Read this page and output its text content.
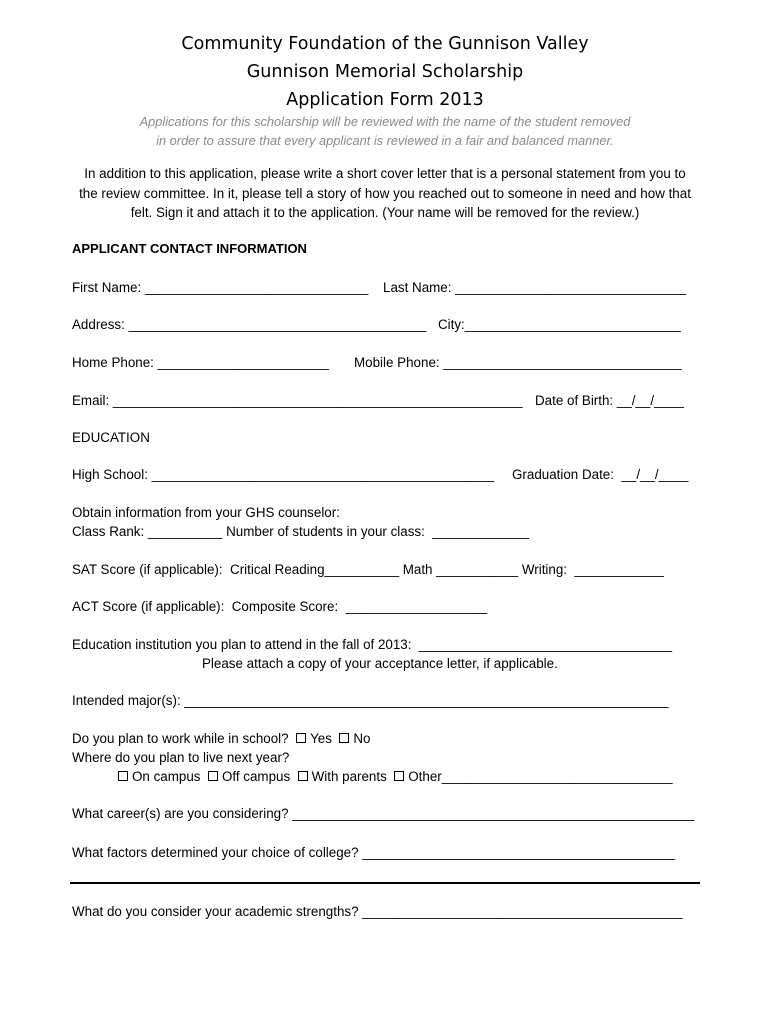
Community Foundation of the Gunnison Valley
Gunnison Memorial Scholarship
Application Form 2013
Applications for this scholarship will be reviewed with the name of the student removed
in order to assure that every applicant is reviewed in a fair and balanced manner.
In addition to this application, please write a short cover letter that is a personal statement from you to
the review committee. In it, please tell a story of how you reached out to someone in need and how that
felt. Sign it and attach it to the application. (Your name will be removed for the review.)
APPLICANT CONTACT INFORMATION
First Name: ______________________________ Last Name: _______________________________
Address: ________________________________________ City:_____________________________
Home Phone: _______________________ Mobile Phone: ________________________________
Email: _______________________________________________________ Date of Birth: __/__/____
EDUCATION
High School: ______________________________________________ Graduation Date:  __/__/____
Obtain information from your GHS counselor:
Class Rank: __________ Number of students in your class:  _____________
SAT Score (if applicable):  Critical Reading__________ Math ___________ Writing:  ____________
ACT Score (if applicable):  Composite Score:  ___________________
Education institution you plan to attend in the fall of 2013:  __________________________________
Please attach a copy of your acceptance letter, if applicable.
Intended major(s): _________________________________________________________________
Do you plan to work while in school? Yes No
Where do you plan to live next year?
On campus Off campus With parents Other_______________________________
What career(s) are you considering? ______________________________________________________
What factors determined your choice of college? __________________________________________
What do you consider your academic strengths? ___________________________________________
